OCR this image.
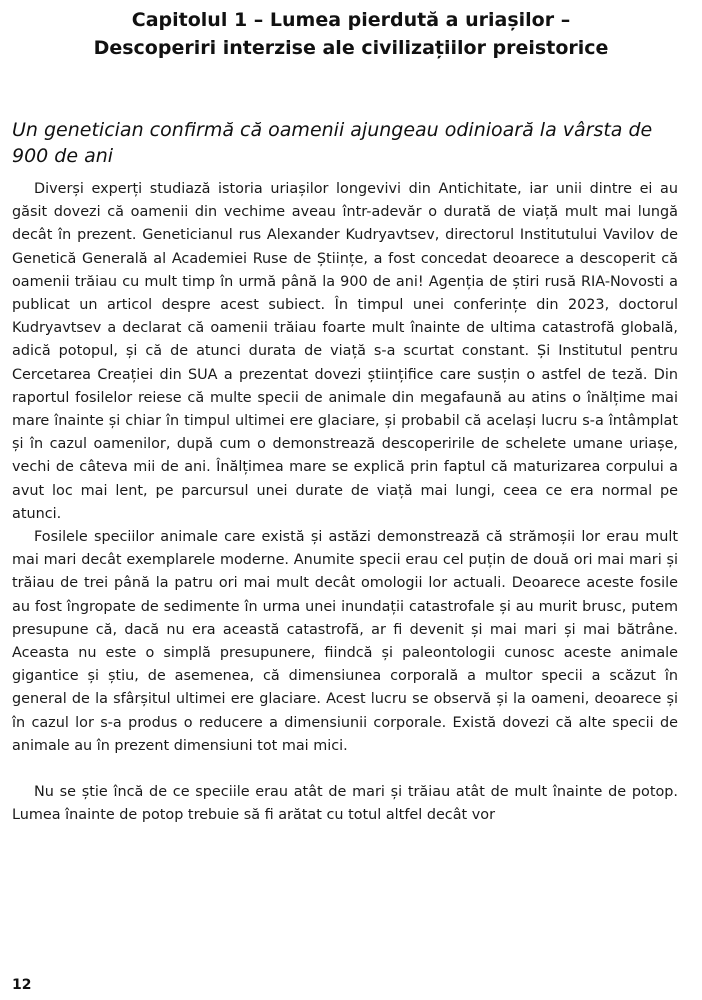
Capitolul 1 – Lumea pierdută a uriașilor –
Descoperiri interzise ale civilizațiilor preistorice
Un genetician confirmă că oamenii ajungeau odinioară la vârsta de 900 de ani

Diverși experți studiază istoria uriașilor longevivi din Antichitate, iar unii dintre ei au găsit dovezi că oamenii din vechime aveau într-adevăr o durată de viață mult mai lungă decât în prezent. Geneticianul rus Alexander Kudryavtsev, directorul Institutului Vavilov de Genetică Generală al Academiei Ruse de Științe, a fost concedat deoarece a descoperit că oamenii trăiau cu mult timp în urmă până la 900 de ani! Agenția de știri rusă RIA-Novosti a publicat un articol despre acest subiect. În timpul unei conferințe din 2023, doctorul Kudryavtsev a declarat că oamenii trăiau foarte mult înainte de ultima catastrofă globală, adică potopul, și că de atunci durata de viață s-a scurtat constant. Și Institutul pentru Cercetarea Creației din SUA a prezentat dovezi științifice care susțin o astfel de teză. Din raportul fosilelor reiese că multe specii de animale din megafaună au atins o înălțime mai mare înainte și chiar în timpul ultimei ere glaciare, și probabil că același lucru s-a întâmplat și în cazul oamenilor, după cum o demonstrează descoperirile de schelete umane uriașe, vechi de câteva mii de ani. Înălțimea mare se explică prin faptul că maturizarea corpului a avut loc mai lent, pe parcursul unei durate de viață mai lungi, ceea ce era normal pe atunci.

Fosilele speciilor animale care există și astăzi demonstrează că strămoșii lor erau mult mai mari decât exemplarele moderne. Anumite specii erau cel puțin de două ori mai mari și trăiau de trei până la patru ori mai mult decât omologii lor actuali. Deoarece aceste fosile au fost îngropate de sedimente în urma unei inundații catastrofale și au murit brusc, putem presupune că, dacă nu era această catastrofă, ar fi devenit și mai mari și mai bătrâne. Aceasta nu este o simplă presupunere, fiindcă și paleontologii cunosc aceste animale gigantice și știu, de asemenea, că dimensiunea corporală a multor specii a scăzut în general de la sfârșitul ultimei ere glaciare. Acest lucru se observă și la oameni, deoarece și în cazul lor s-a produs o reducere a dimensiunii corporale. Există dovezi că alte specii de animale au în prezent dimensiuni tot mai mici.

Nu se știe încă de ce speciile erau atât de mari și trăiau atât de mult înainte de potop. Lumea înainte de potop trebuie să fi arătat cu totul altfel decât vor

12
